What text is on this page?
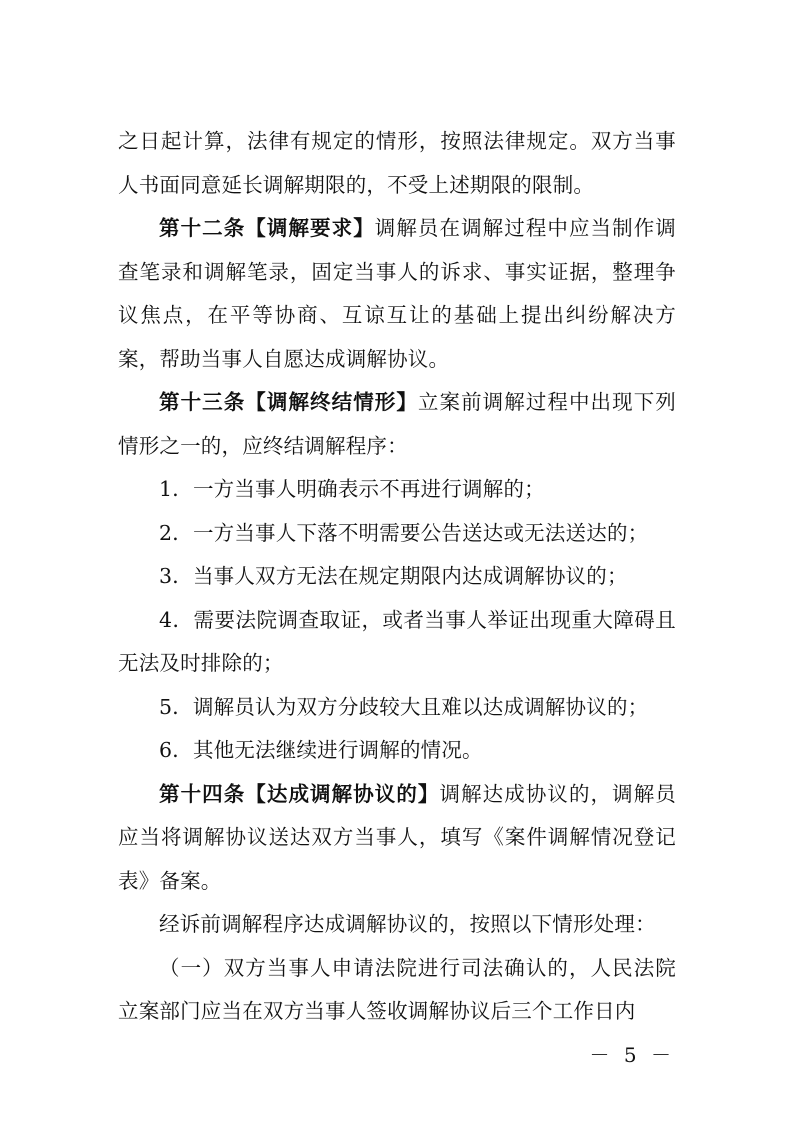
之日起计算，法律有规定的情形，按照法律规定。双方当事人书面同意延长调解期限的，不受上述期限的限制。

第十二条【调解要求】调解员在调解过程中应当制作调查笔录和调解笔录，固定当事人的诉求、事实证据，整理争议焦点，在平等协商、互谅互让的基础上提出纠纷解决方案，帮助当事人自愿达成调解协议。

第十三条【调解终结情形】立案前调解过程中出现下列情形之一的，应终结调解程序：

1．一方当事人明确表示不再进行调解的；

2．一方当事人下落不明需要公告送达或无法送达的；

3．当事人双方无法在规定期限内达成调解协议的；

4．需要法院调查取证，或者当事人举证出现重大障碍且无法及时排除的；

5．调解员认为双方分歧较大且难以达成调解协议的；

6．其他无法继续进行调解的情况。

第十四条【达成调解协议的】调解达成协议的，调解员应当将调解协议送达双方当事人，填写《案件调解情况登记表》备案。

经诉前调解程序达成调解协议的，按照以下情形处理：

（一）双方当事人申请法院进行司法确认的，人民法院立案部门应当在双方当事人签收调解协议后三个工作日内

－ 5 －
